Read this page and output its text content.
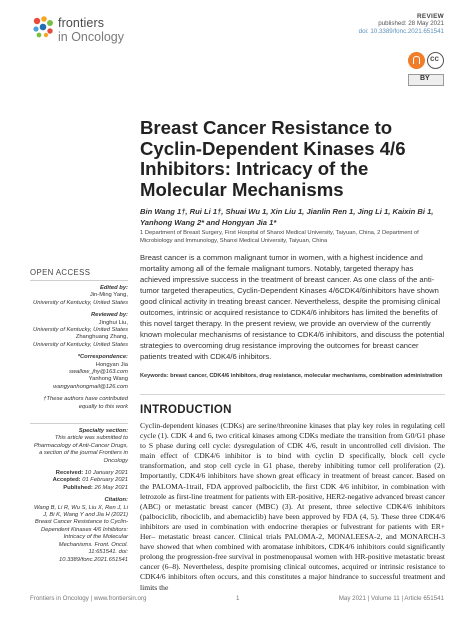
frontiers
in Oncology
REVIEW
published: 28 May 2021
doi: 10.3389/fonc.2021.651541
cc
BY
Breast Cancer Resistance to Cyclin-Dependent Kinases 4/6 Inhibitors: Intricacy of the Molecular Mechanisms
Bin Wang 1†, Rui Li 1†, Shuai Wu 1, Xin Liu 1, Jianlin Ren 1, Jing Li 1, Kaixin Bi 1,
Yanhong Wang 2* and Hongyan Jia 1*
1 Department of Breast Surgery, First Hospital of Shanxi Medical University, Taiyuan, China, 2 Department of Microbiology and Immunology, Shanxi Medical University, Taiyuan, China
Breast cancer is a common malignant tumor in women, with a highest incidence and mortality among all of the female malignant tumors. Notably, targeted therapy has achieved impressive success in the treatment of breast cancer. As one class of the anti-tumor targeted therapeutics, Cyclin-Dependent Kinases 4/6CDK4/6inhibitors have shown good clinical activity in treating breast cancer. Nevertheless, despite the promising clinical outcomes, intrinsic or acquired resistance to CDK4/6 inhibitors has limited the benefits of this novel target therapy. In the present review, we provide an overview of the currently known molecular mechanisms of resistance to CDK4/6 inhibitors, and discuss the potential strategies to overcoming drug resistance improving the outcomes for breast cancer patients treated with CDK4/6 inhibitors.
Keywords: breast cancer, CDK4/6 inhibitors, drug resistance, molecular mechanisms, combination administration
INTRODUCTION
Cyclin-dependent kinases (CDKs) are serine/threonine kinases that play key roles in regulating cell cycle (1). CDK 4 and 6, two critical kinases among CDKs mediate the transition from G0/G1 phase to S phase during cell cycle: dysregulation of CDK 4/6, result in uncontrolled cell division. The main effect of CDK4/6 inhibitor is to bind with cyclin D specifically, block cell cycle transformation, and stop cell cycle in G1 phase, thereby inhibiting tumor cell proliferation (2). Importantly, CDK4/6 inhibitors have shown great efficacy in treatment of breast cancer. Based on the PALOMA-1trail, FDA approved palbociclib, the first CDK 4/6 inhibitor, in combination with letrozole as first-line treatment for patients with ER-positive, HER2-negative advanced breast cancer (ABC) or metastatic breast cancer (MBC) (3). At present, three selective CDK4/6 inhibitors (palbociclib, ribociclib, and abemaciclib) have been approved by FDA (4, 5). These three CDK4/6 inhibitors are used in combination with endocrine therapies or fulvestrant for patients with ER+ Her– metastatic breast cancer. Clinical trials PALOMA-2, MONALEESA-2, and MONARCH-3 have showed that when combined with aromatase inhibitors, CDK4/6 inhibitors could significantly prolong the progression-free survival in postmenopausal women with HR-positive metastatic breast cancer (6–8). Nevertheless, despite promising clinical outcomes, acquired or intrinsic resistance to CDK4/6 inhibitors often occurs, and this constitutes a major hindrance to successful treatment and limits the
OPEN ACCESS

Edited by:
Jin-Ming Yang,
University of Kentucky, United States

Reviewed by:
Jinghui Liu,
University of Kentucky, United States
Zhanghuang Zhang,
University of Kentucky, United States

*Correspondence:
Hongyan Jia
swallow_jhy@163.com
Yanhong Wang
wangyanhongmail@126.com

†These authors have contributed equally to this work

Specialty section:
This article was submitted to Pharmacology of Anti-Cancer Drugs, a section of the journal Frontiers in Oncology

Received: 10 January 2021
Accepted: 01 February 2021
Published: 26 May 2021

Citation:
Wang B, Li R, Wu S, Liu X, Ren J, Li J, Bi K, Wang Y and Jia H (2021) Breast Cancer Resistance to Cyclin-Dependent Kinases 4/6 Inhibitors: Intricacy of the Molecular Mechanisms. Front. Oncol. 11:651541. doi: 10.3389/fonc.2021.651541

Frontiers in Oncology | www.frontiersin.org	1	May 2021 | Volume 11 | Article 651541
